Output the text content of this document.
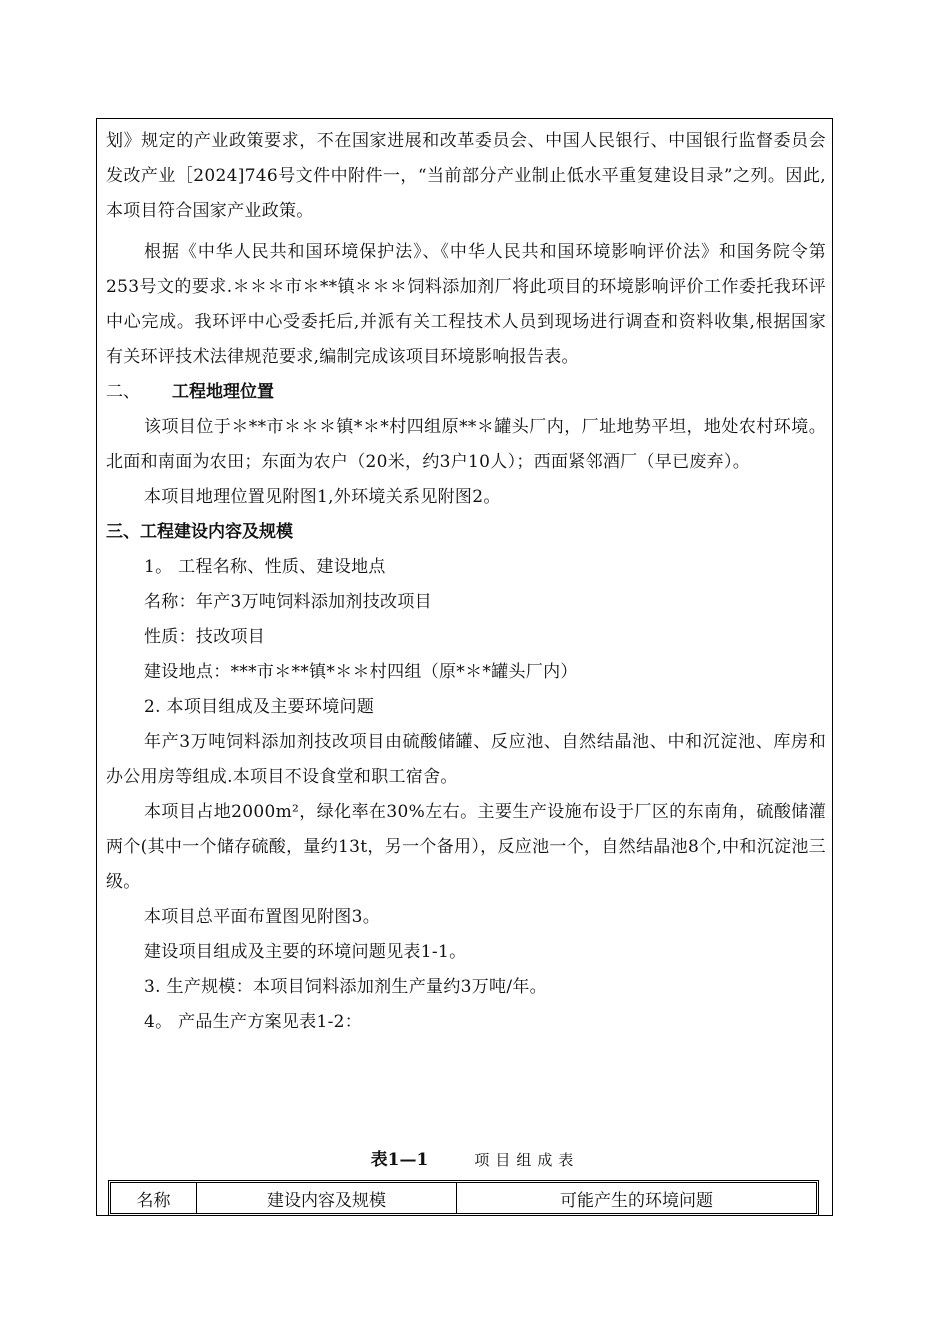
划》规定的产业政策要求，不在国家进展和改革委员会、中国人民银行、中国银行监督委员会发改产业［2024]746号文件中附件一，“当前部分产业制止低水平重复建设目录”之列。因此,本项目符合国家产业政策。

根据《中华人民共和国环境保护法》、《中华人民共和国环境影响评价法》和国务院令第253号文的要求.＊＊＊市＊**镇＊＊＊饲料添加剂厂将此项目的环境影响评价工作委托我环评中心完成。我环评中心受委托后,并派有关工程技术人员到现场进行调查和资料收集,根据国家有关环评技术法律规范要求,编制完成该项目环境影响报告表。

二、 工程地理位置

该项目位于＊**市＊＊＊镇*＊*村四组原**＊罐头厂内，厂址地势平坦，地处农村环境。北面和南面为农田；东面为农户（20米，约3户10人）；西面紧邻酒厂（早已废弃）。

本项目地理位置见附图1,外环境关系见附图2。

三、工程建设内容及规模

1。 工程名称、性质、建设地点

名称：年产3万吨饲料添加剂技改项目

性质：技改项目

建设地点：***市＊**镇*＊＊村四组（原*＊*罐头厂内）

2. 本项目组成及主要环境问题

年产3万吨饲料添加剂技改项目由硫酸储罐、反应池、自然结晶池、中和沉淀池、库房和办公用房等组成.本项目不设食堂和职工宿舍。

本项目占地2000m²，绿化率在30%左右。主要生产设施布设于厂区的东南角，硫酸储灌两个(其中一个储存硫酸，量约13t，另一个备用），反应池一个，自然结晶池8个,中和沉淀池三级。

本项目总平面布置图见附图3。

建设项目组成及主要的环境问题见表1-1。

3. 生产规模：本项目饲料添加剂生产量约3万吨/年。

4。 产品生产方案见表1-2：

表1—1	项目组成表
名称	建设内容及规模	可能产生的环境问题
